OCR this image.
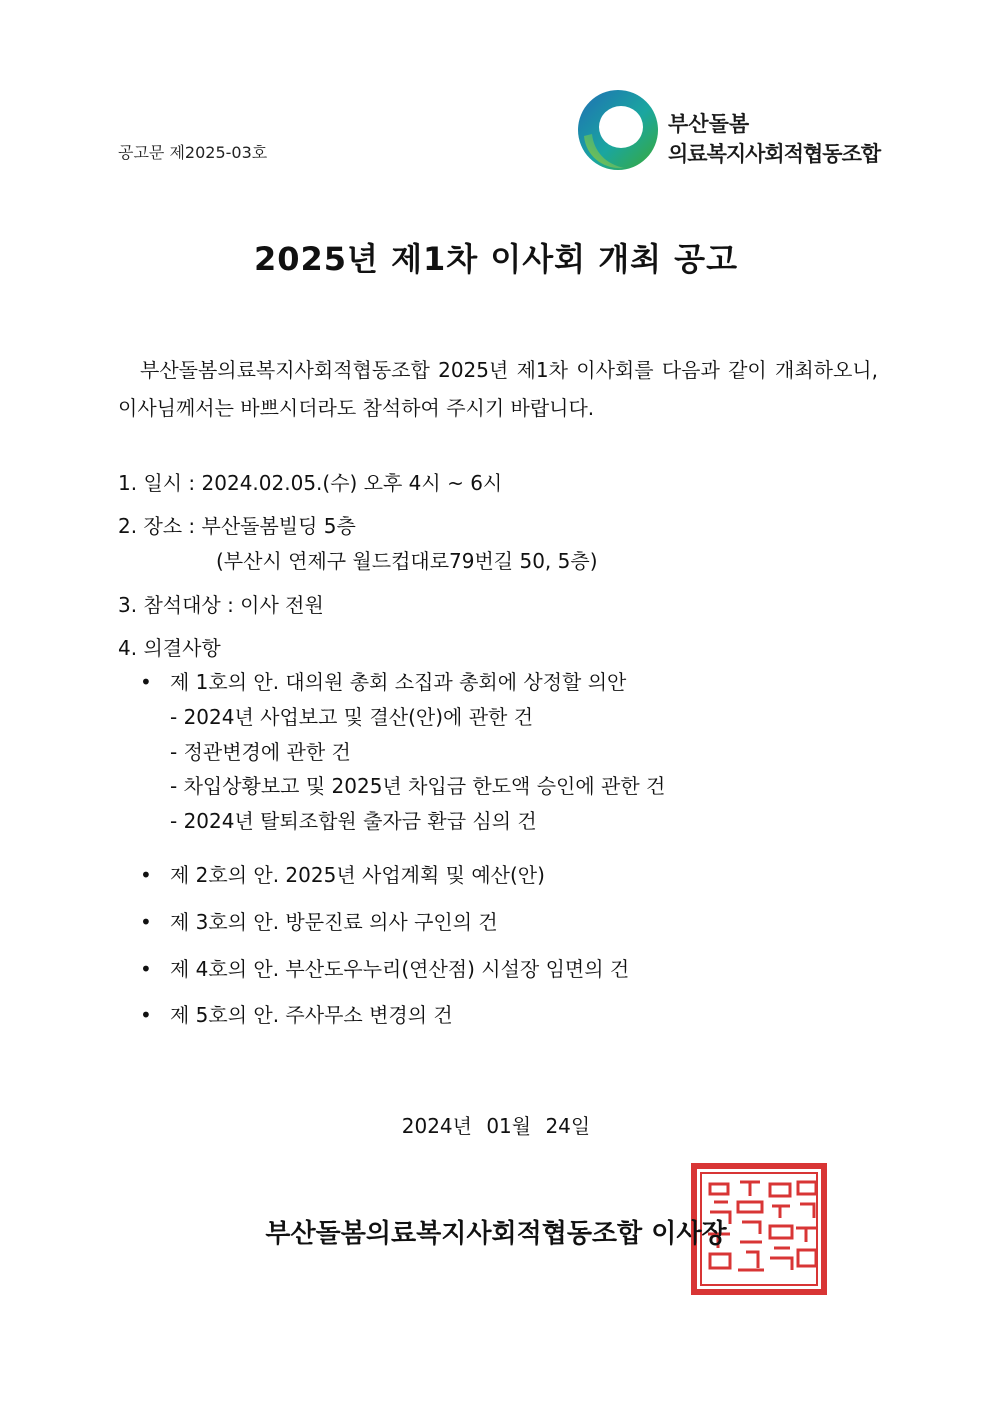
공고문 제2025-03호
부산돌봄
의료복지사회적협동조합
2025년 제1차 이사회 개최 공고
부산돌봄의료복지사회적협동조합 2025년 제1차 이사회를 다음과 같이 개최하오니, 이사님께서는 바쁘시더라도 참석하여 주시기 바랍니다.
1. 일시 : 2024.02.05.(수) 오후 4시 ~ 6시
2. 장소 : 부산돌봄빌딩 5층
(부산시 연제구 월드컵대로79번길 50, 5층)
3. 참석대상 : 이사 전원
4. 의결사항
• 제 1호의 안. 대의원 총회 소집과 총회에 상정할 의안
- 2024년 사업보고 및 결산(안)에 관한 건
- 정관변경에 관한 건
- 차입상황보고 및 2025년 차입금 한도액 승인에 관한 건
- 2024년 탈퇴조합원 출자금 환급 심의 건
• 제 2호의 안. 2025년 사업계획 및 예산(안)
• 제 3호의 안. 방문진료 의사 구인의 건
• 제 4호의 안. 부산도우누리(연산점) 시설장 임면의 건
• 제 5호의 안. 주사무소 변경의 건
2024년 01월 24일
부산돌봄의료복지사회적협동조합 이사장
